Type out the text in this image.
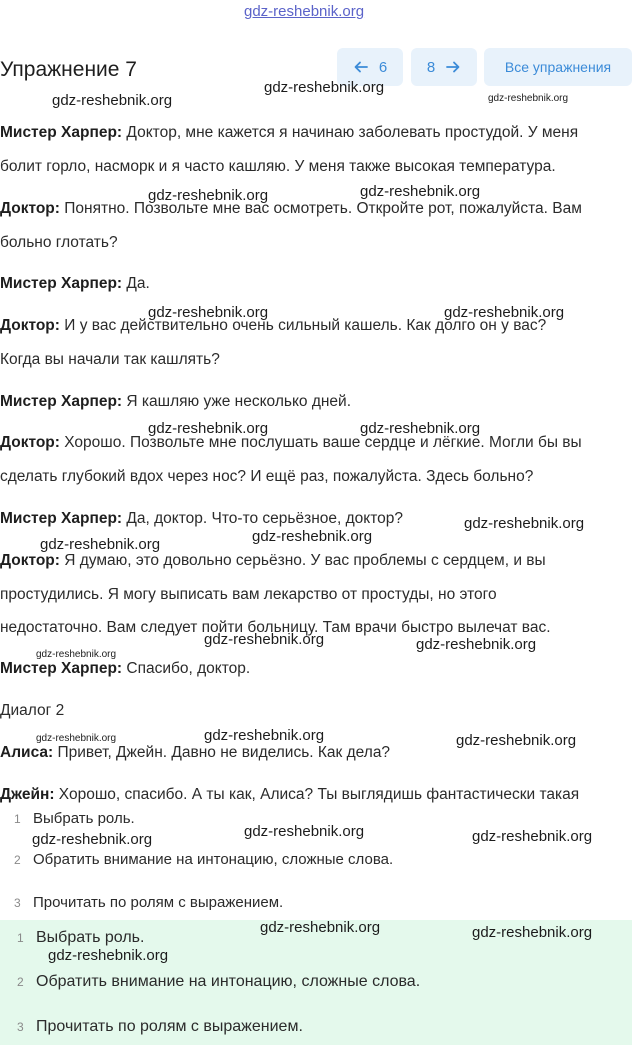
gdz-reshebnik.org
Упражнение 7	6	8	Все упражнения
Мистер Харпер: Доктор, мне кажется я начинаю заболевать простудой. У меня
болит горло, насморк и я часто кашляю. У меня также высокая температура.
Доктор: Понятно. Позвольте мне вас осмотреть. Откройте рот, пожалуйста. Вам
больно глотать?
Мистер Харпер: Да.
Доктор: И у вас действительно очень сильный кашель. Как долго он у вас?
Когда вы начали так кашлять?
Мистер Харпер: Я кашляю уже несколько дней.
Доктор: Хорошо. Позвольте мне послушать ваше сердце и лёгкие. Могли бы вы
сделать глубокий вдох через нос? И ещё раз, пожалуйста. Здесь больно?
Мистер Харпер: Да, доктор. Что-то серьёзное, доктор?
Доктор: Я думаю, это довольно серьёзно. У вас проблемы с сердцем, и вы
простудились. Я могу выписать вам лекарство от простуды, но этого
недостаточно. Вам следует пойти больницу. Там врачи быстро вылечат вас.
Мистер Харпер: Спасибо, доктор.
Диалог 2
Алиса: Привет, Джейн. Давно не виделись. Как дела?
Джейн: Хорошо, спасибо. А ты как, Алиса? Ты выглядишь фантастически такая
1 Выбрать роль.
2 Обратить внимание на интонацию, сложные слова.
3 Прочитать по ролям с выражением.
1 Выбрать роль.
2 Обратить внимание на интонацию, сложные слова.
3 Прочитать по ролям с выражением.
gdz-reshebnik.org
gdz-reshebnik.org
gdz-reshebnik.org
gdz-reshebnik.org	gdz-reshebnik.org
gdz-reshebnik.org	gdz-reshebnik.org
gdz-reshebnik.org	gdz-reshebnik.org
gdz-reshebnik.org
gdz-reshebnik.org
gdz-reshebnik.org
gdz-reshebnik.org	gdz-reshebnik.org
gdz-reshebnik.org
gdz-reshebnik.org	gdz-reshebnik.org	gdz-reshebnik.org
gdz-reshebnik.org	gdz-reshebnik.org	gdz-reshebnik.org
gdz-reshebnik.org	gdz-reshebnik.org
gdz-reshebnik.org
